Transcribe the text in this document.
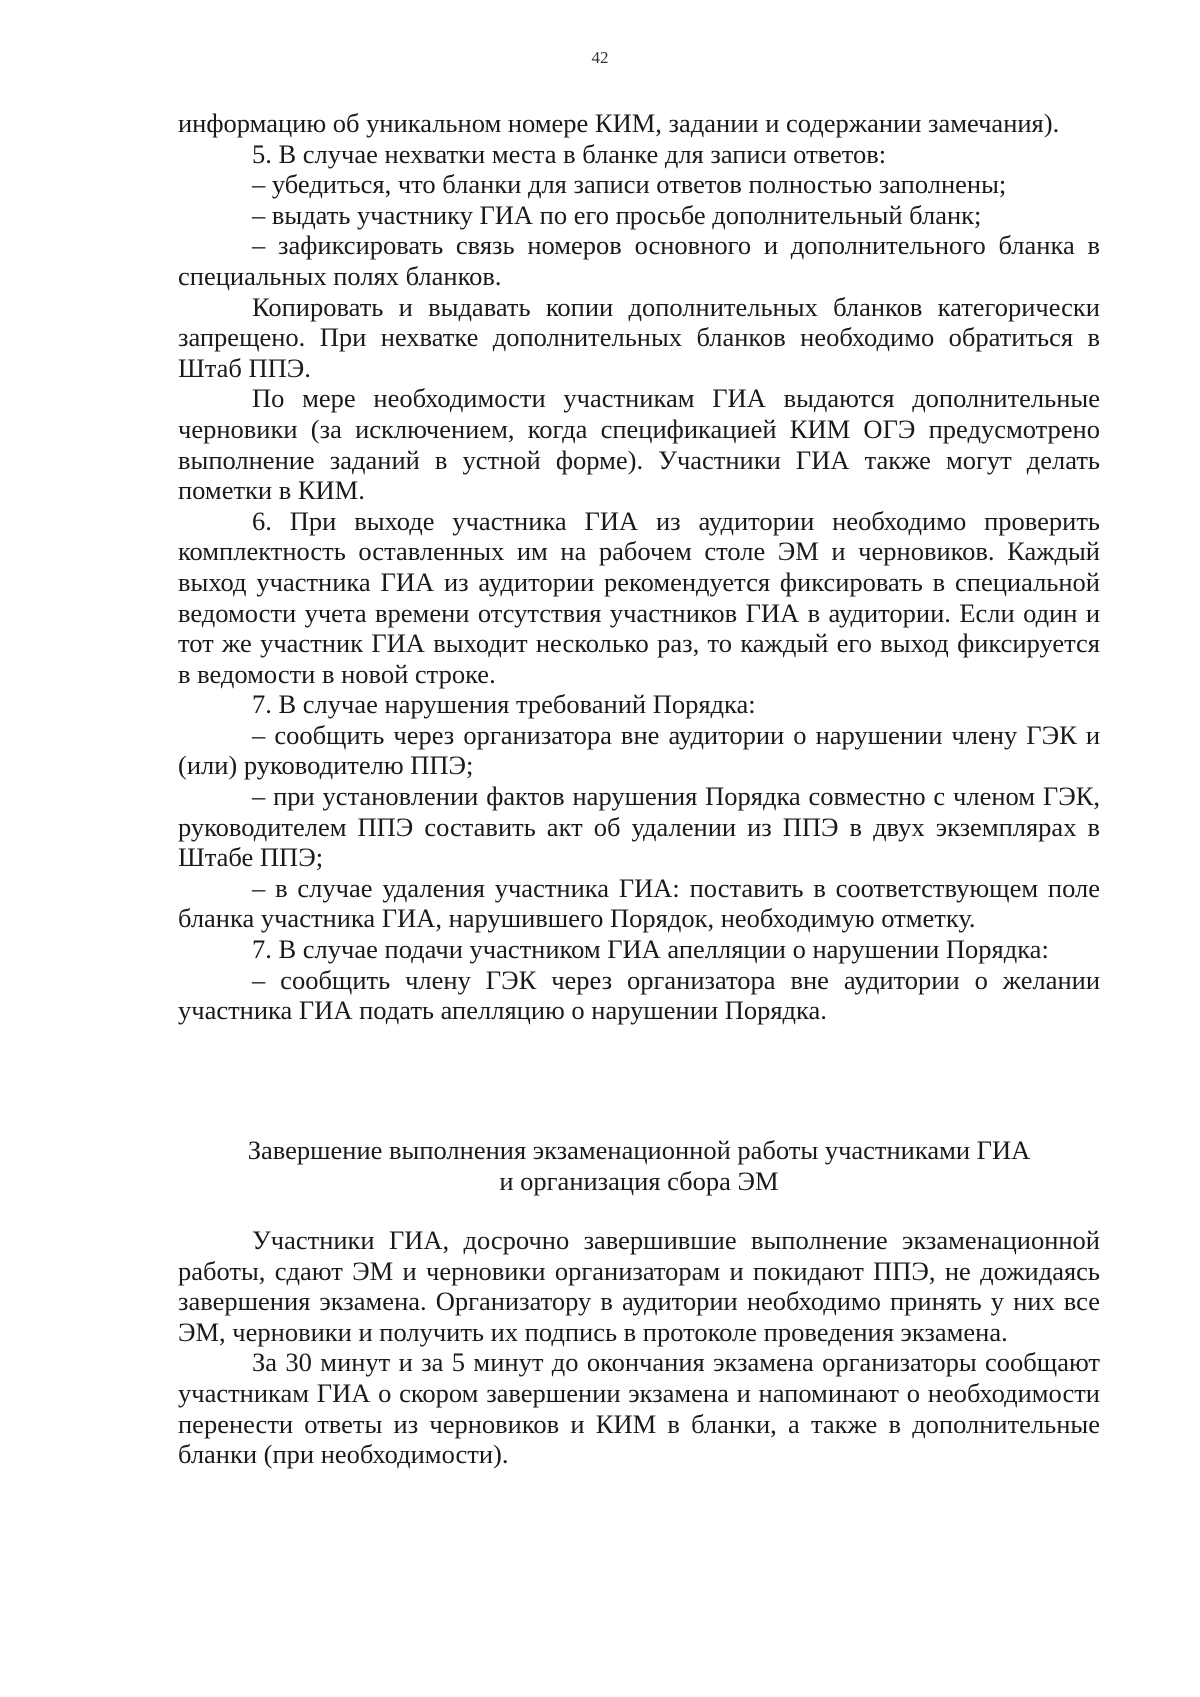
42

информацию об уникальном номере КИМ, задании и содержании замечания).

5. В случае нехватки места в бланке для записи ответов:

– убедиться, что бланки для записи ответов полностью заполнены;

– выдать участнику ГИА по его просьбе дополнительный бланк;

– зафиксировать связь номеров основного и дополнительного бланка в специальных полях бланков.

Копировать и выдавать копии дополнительных бланков категорически запрещено. При нехватке дополнительных бланков необходимо обратиться в Штаб ППЭ.

По мере необходимости участникам ГИА выдаются дополнительные черновики (за исключением, когда спецификацией КИМ ОГЭ предусмотрено выполнение заданий в устной форме). Участники ГИА также могут делать пометки в КИМ.

6. При выходе участника ГИА из аудитории необходимо проверить комплектность оставленных им на рабочем столе ЭМ и черновиков. Каждый выход участника ГИА из аудитории рекомендуется фиксировать в специальной ведомости учета времени отсутствия участников ГИА в аудитории. Если один и тот же участник ГИА выходит несколько раз, то каждый его выход фиксируется в ведомости в новой строке.

7. В случае нарушения требований Порядка:

– сообщить через организатора вне аудитории о нарушении члену ГЭК и (или) руководителю ППЭ;

– при установлении фактов нарушения Порядка совместно с членом ГЭК, руководителем ППЭ составить акт об удалении из ППЭ в двух экземплярах в Штабе ППЭ;

– в случае удаления участника ГИА: поставить в соответствующем поле бланка участника ГИА, нарушившего Порядок, необходимую отметку.

7. В случае подачи участником ГИА апелляции о нарушении Порядка:

– сообщить члену ГЭК через организатора вне аудитории о желании участника ГИА подать апелляцию о нарушении Порядка.

Завершение выполнения экзаменационной работы участниками ГИА
и организация сбора ЭМ

Участники ГИА, досрочно завершившие выполнение экзаменационной работы, сдают ЭМ и черновики организаторам и покидают ППЭ, не дожидаясь завершения экзамена. Организатору в аудитории необходимо принять у них все ЭМ, черновики и получить их подпись в протоколе проведения экзамена.

За 30 минут и за 5 минут до окончания экзамена организаторы сообщают участникам ГИА о скором завершении экзамена и напоминают о необходимости перенести ответы из черновиков и КИМ в бланки, а также в дополнительные бланки (при необходимости).
